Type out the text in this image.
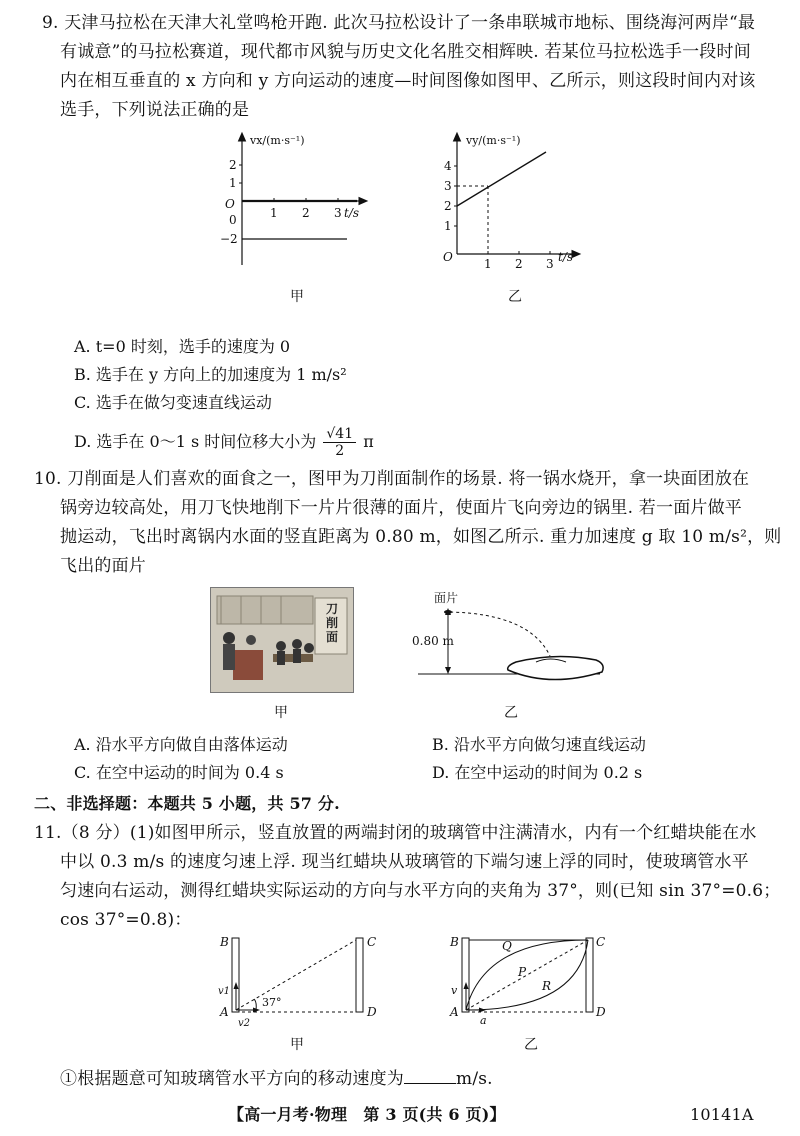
9. 天津马拉松在天津大礼堂鸣枪开跑. 此次马拉松设计了一条串联城市地标、围绕海河两岸“最
有诚意”的马拉松赛道，现代都市风貌与历史文化名胜交相辉映. 若某位马拉松选手一段时间
内在相互垂直的 x 方向和 y 方向运动的速度—时间图像如图甲、乙所示，则这段时间内对该
选手，下列说法正确的是
vx/(m·s⁻¹)
2
1
O
0
−2
1 2 3 t/s
甲
vy/(m·s⁻¹)
4
3
2
1
O	1 2 3 t/s
乙
A. t=0 时刻，选手的速度为 0
B. 选手在 y 方向上的加速度为 1 m/s²
C. 选手在做匀变速直线运动
D. 选手在 0～1 s 时间位移大小为 $\frac{√41}{2}$ π
10. 刀削面是人们喜欢的面食之一，图甲为刀削面制作的场景. 将一锅水烧开，拿一块面团放在
锅旁边较高处，用刀飞快地削下一片片很薄的面片，使面片飞向旁边的锅里. 若一面片做平
抛运动，飞出时离锅内水面的竖直距离为 0.80 m，如图乙所示. 重力加速度 g 取 10 m/s²，则
飞出的面片
刀削面
甲
面片
0.80 m
乙
A. 沿水平方向做自由落体运动	B. 沿水平方向做匀速直线运动
C. 在空中运动的时间为 0.4 s	D. 在空中运动的时间为 0.2 s
二、非选择题：本题共 5 小题，共 57 分.
11.（8 分）(1)如图甲所示，竖直放置的两端封闭的玻璃管中注满清水，内有一个红蜡块能在水
中以 0.3 m/s 的速度匀速上浮. 现当红蜡块从玻璃管的下端匀速上浮的同时，使玻璃管水平
匀速向右运动，测得红蜡块实际运动的方向与水平方向的夹角为 37°，则(已知 sin 37°=0.6；
cos 37°=0.8)：
B	C
A	D
v1
v2
37°
甲
B	C
A	D
Q
P
R
v
a
乙
①根据题意可知玻璃管水平方向的移动速度为	m/s.
【高一月考·物理　第 3 页(共 6 页)】	10141A
